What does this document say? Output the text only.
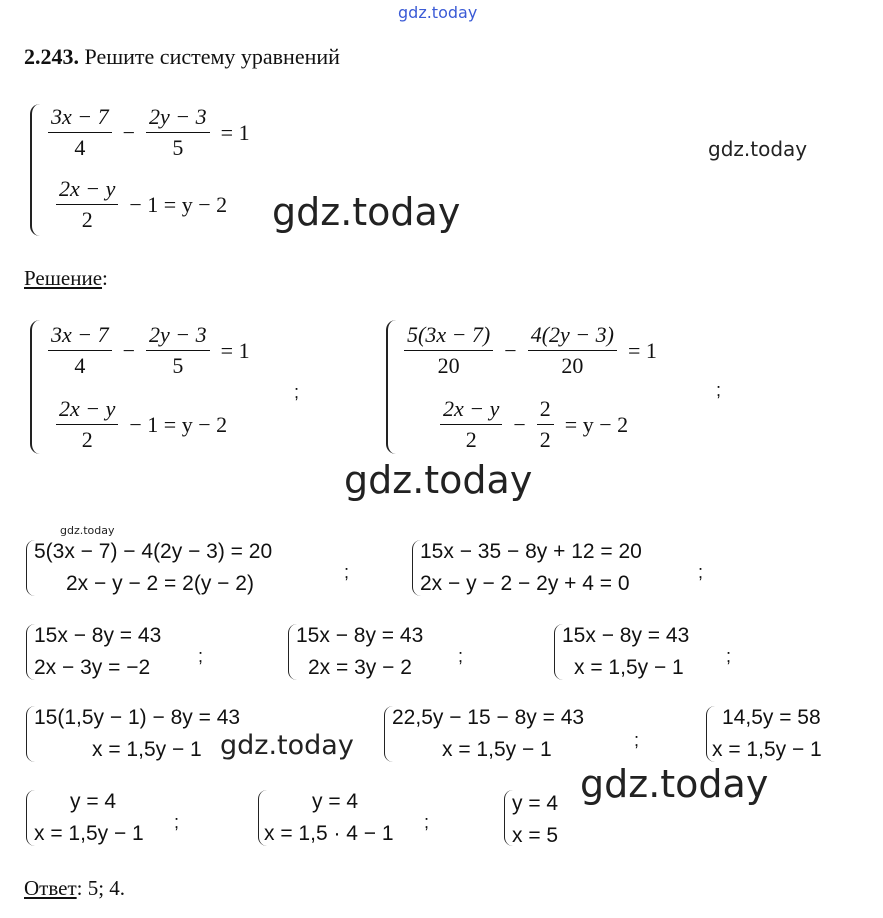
gdz.today
gdz.today
2.243. Решите систему уравнений
$\frac{3x - 7}{4} - \frac{2y - 3}{5} = 1$
$\frac{2x - y}{2} - 1 = y - 2$ gdz.today
Решение:
$\frac{3x - 7}{4} - \frac{2y - 3}{5} = 1$
$\frac{2x - y}{2} - 1 = y - 2$
;
$\frac{5(3x - 7)}{20} - \frac{4(2y - 3)}{20} = 1$
$\frac{2x - y}{2} - \frac{2}{2} = y - 2$
;
gdz.today
gdz.today
5(3x − 7) − 4(2y − 3) = 20
2x − y − 2 = 2(y − 2)	;
15x − 35 − 8y + 12 = 20
2x − y − 2 − 2y + 4 = 0	;
15x − 8y = 43
2x − 3y = −2	;
15x − 8y = 43
2x = 3y − 2	;
15x − 8y = 43
x = 1,5y − 1 ;
15(1,5y − 1) − 8y = 43
x = 1,5y − 1 gdz.today
22,5y − 15 − 8y = 43
x = 1,5y − 1	;
14,5y = 58
x = 1,5y − 1
gdz.today
y = 4
x = 1,5y − 1 ;
y = 4
x = 1,5 · 4 − 1 ;
y = 4
x = 5
Ответ: 5; 4.
